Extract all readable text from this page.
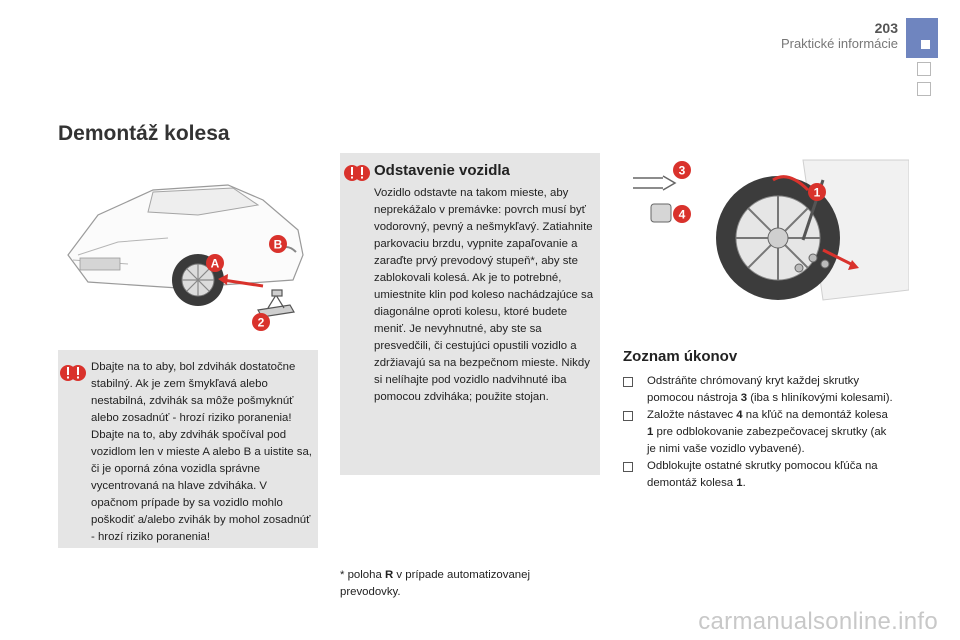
203
Praktické informácie
Demontáž kolesa
A
B
2
3
4
1
Dbajte na to aby, bol zdvihák dostatočne stabilný. Ak je zem šmykľavá alebo nestabilná, zdvihák sa môže pošmyknúť alebo zosadnúť - hrozí riziko poranenia! Dbajte na to, aby zdvihák spočíval pod vozidlom len v mieste A alebo B a uistite sa, či je oporná zóna vozidla správne vycentrovaná na hlave zdviháka. V opačnom prípade by sa vozidlo mohlo poškodiť a/alebo zvihák by mohol zosadnúť - hrozí riziko poranenia!
Odstavenie vozidla
Vozidlo odstavte na takom mieste, aby neprekážalo v premávke: povrch musí byť vodorovný, pevný a nešmykľavý. Zatiahnite parkovaciu brzdu, vypnite zapaľovanie a zaraďte prvý prevodový stupeň*, aby ste zablokovali kolesá. Ak je to potrebné, umiestnite klin pod koleso nachádzajúce sa diagonálne oproti kolesu, ktoré budete meniť. Je nevyhnutné, aby ste sa presvedčili, či cestujúci opustili vozidlo a zdržiavajú sa na bezpečnom mieste. Nikdy si nelíhajte pod vozidlo nadvihnuté iba pomocou zdviháka; použite stojan.
* poloha R v prípade automatizovanej prevodovky.
Zoznam úkonov
Odstráňte chrómovaný kryt každej skrutky pomocou nástroja 3 (iba s hliníkovými kolesami).
Založte nástavec 4 na kľúč na demontáž kolesa 1 pre odblokovanie zabezpečovacej skrutky (ak je nimi vaše vozidlo vybavené).
Odblokujte ostatné skrutky pomocou kľúča na demontáž kolesa 1.
carmanualsonline.info
